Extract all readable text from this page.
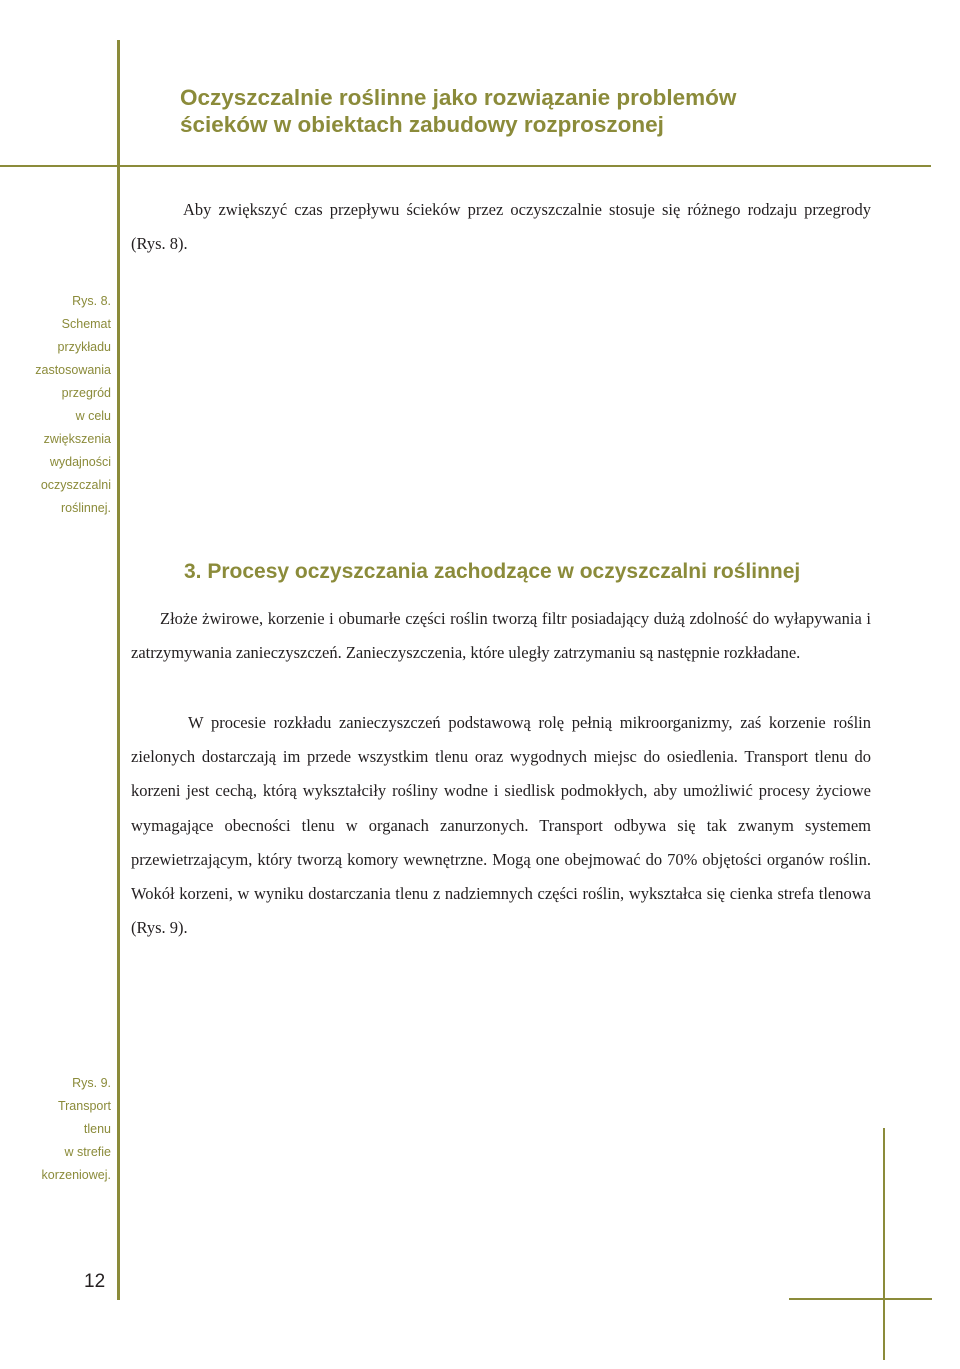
Oczyszczalnie roślinne jako rozwiązanie problemów
ścieków w obiektach zabudowy rozproszonej

Aby zwiększyć czas przepływu ścieków przez oczyszczalnie stosuje się różnego rodzaju przegrody (Rys. 8).

Rys. 8.
Schemat
przykładu
zastosowania
przegród
w celu
zwiększenia
wydajności
oczyszczalni
roślinnej.
3. Procesy oczyszczania zachodzące w oczyszczalni roślinnej

Złoże żwirowe, korzenie i obumarłe części roślin tworzą filtr posiadający dużą zdolność do wyłapywania i zatrzymywania zanieczyszczeń. Zanieczyszczenia, które uległy zatrzymaniu są następnie rozkładane.

W procesie rozkładu zanieczyszczeń podstawową rolę pełnią mikroorganizmy, zaś korzenie roślin zielonych dostarczają im przede wszystkim tlenu oraz wygodnych miejsc do osiedlenia. Transport tlenu do korzeni jest cechą, którą wykształciły rośliny wodne i siedlisk podmokłych, aby umożliwić procesy życiowe wymagające obecności tlenu w organach zanurzonych. Transport odbywa się tak zwanym systemem przewietrzającym, który tworzą komory wewnętrzne. Mogą one obejmować do 70% objętości organów roślin. Wokół korzeni, w wyniku dostarczania tlenu z nadziemnych części roślin, wykształca się cienka strefa tlenowa (Rys. 9).

Rys. 9.
Transport
tlenu
w strefie
korzeniowej.
12
